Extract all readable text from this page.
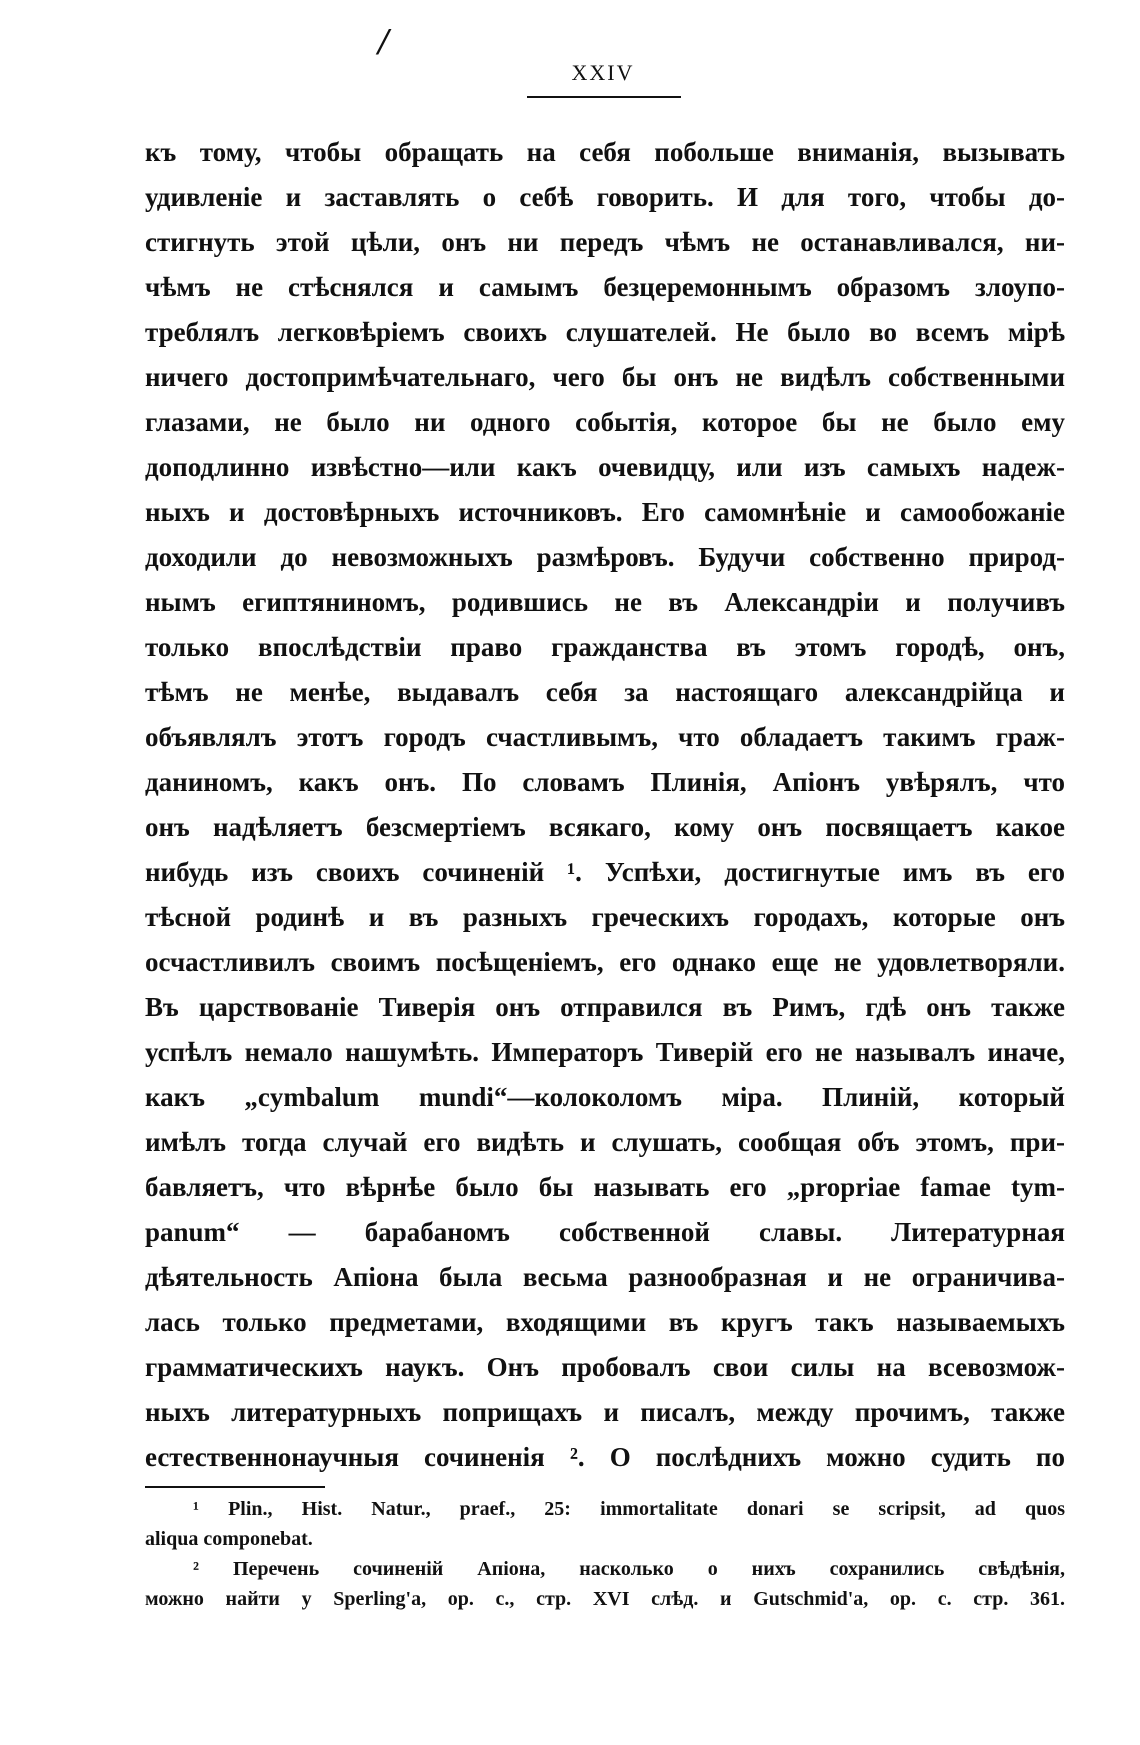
/
XXIV
къ тому, чтобы обращать на себя побольше вниманія, вызывать
удивленіе и заставлять о себѣ говорить. И для того, чтобы до-
стигнуть этой цѣли, онъ ни передъ чѣмъ не останавливался, ни-
чѣмъ не стѣснялся и самымъ безцеремоннымъ образомъ злоупо-
треблялъ легковѣріемъ своихъ слушателей. Не было во всемъ мірѣ
ничего достопримѣчательнаго, чего бы онъ не видѣлъ собственными
глазами, не было ни одного событія, которое бы не было ему
доподлинно извѣстно—или какъ очевидцу, или изъ самыхъ надеж-
ныхъ и достовѣрныхъ источниковъ. Его самомнѣніе и самообожаніе
доходили до невозможныхъ размѣровъ. Будучи собственно природ-
нымъ египтяниномъ, родившись не въ Александріи и получивъ
только впослѣдствіи право гражданства въ этомъ городѣ, онъ,
тѣмъ не менѣе, выдавалъ себя за настоящаго александрійца и
объявлялъ этотъ городъ счастливымъ, что обладаетъ такимъ граж-
даниномъ, какъ онъ. По словамъ Плинія, Апіонъ увѣрялъ, что
онъ надѣляетъ безсмертіемъ всякаго, кому онъ посвящаетъ какое
нибудь изъ своихъ сочиненій ¹. Успѣхи, достигнутые имъ въ его
тѣсной родинѣ и въ разныхъ греческихъ городахъ, которые онъ
осчастливилъ своимъ посѣщеніемъ, его однако еще не удовлетворяли.
Въ царствованіе Тиверія онъ отправился въ Римъ, гдѣ онъ также
успѣлъ немало нашумѣть. Императоръ Тиверій его не называлъ иначе,
какъ „cymbalum mundi“—колоколомъ міра. Плиній, который
имѣлъ тогда случай его видѣть и слушать, сообщая объ этомъ, при-
бавляетъ, что вѣрнѣе было бы называть его „propriae famae tym-
panum“ — барабаномъ собственной славы. Литературная
дѣятельность Апіона была весьма разнообразная и не ограничива-
лась только предметами, входящими въ кругъ такъ называемыхъ
грамматическихъ наукъ. Онъ пробовалъ свои силы на всевозмож-
ныхъ литературныхъ поприщахъ и писалъ, между прочимъ, также
естественнонаучныя сочиненія ². О послѣднихъ можно судить по
¹ Plin., Hist. Natur., praef., 25: immortalitate donari se scripsit, ad quos
aliqua componebat.
² Перечень сочиненій Апіона, насколько о нихъ сохранились свѣдѣнія,
можно найти у Sperling'a, op. c., стр. XVI слѣд. и Gutschmid'a, op. c. стр. 361.
